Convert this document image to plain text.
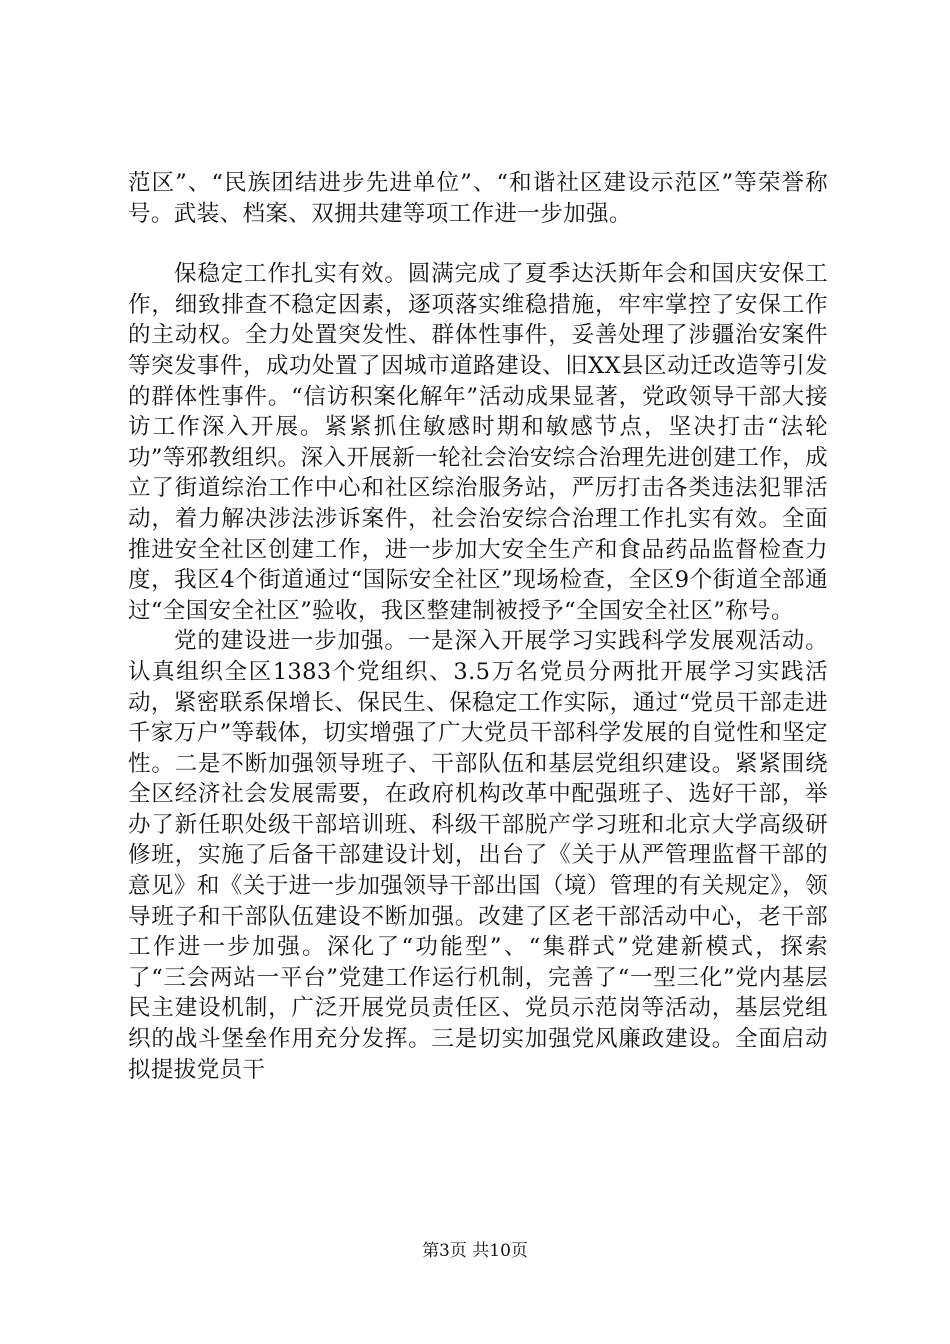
范区”、“民族团结进步先进单位”、“和谐社区建设示范区”等荣誉称号。武装、档案、双拥共建等项工作进一步加强。

保稳定工作扎实有效。圆满完成了夏季达沃斯年会和国庆安保工作，细致排查不稳定因素，逐项落实维稳措施，牢牢掌控了安保工作的主动权。全力处置突发性、群体性事件，妥善处理了涉疆治安案件等突发事件，成功处置了因城市道路建设、旧XX县区动迁改造等引发的群体性事件。“信访积案化解年”活动成果显著，党政领导干部大接访工作深入开展。紧紧抓住敏感时期和敏感节点，坚决打击“法轮功”等邪教组织。深入开展新一轮社会治安综合治理先进创建工作，成立了街道综治工作中心和社区综治服务站，严厉打击各类违法犯罪活动，着力解决涉法涉诉案件，社会治安综合治理工作扎实有效。全面推进安全社区创建工作，进一步加大安全生产和食品药品监督检查力度，我区4个街道通过“国际安全社区”现场检查，全区9个街道全部通过“全国安全社区”验收，我区整建制被授予“全国安全社区”称号。

党的建设进一步加强。一是深入开展学习实践科学发展观活动。认真组织全区1383个党组织、3.5万名党员分两批开展学习实践活动，紧密联系保增长、保民生、保稳定工作实际，通过“党员干部走进千家万户”等载体，切实增强了广大党员干部科学发展的自觉性和坚定性。二是不断加强领导班子、干部队伍和基层党组织建设。紧紧围绕全区经济社会发展需要，在政府机构改革中配强班子、选好干部，举办了新任职处级干部培训班、科级干部脱产学习班和北京大学高级研修班，实施了后备干部建设计划，出台了《关于从严管理监督干部的意见》和《关于进一步加强领导干部出国（境）管理的有关规定》，领导班子和干部队伍建设不断加强。改建了区老干部活动中心，老干部工作进一步加强。深化了“功能型”、“集群式”党建新模式，探索了“三会两站一平台”党建工作运行机制，完善了“一型三化”党内基层民主建设机制，广泛开展党员责任区、党员示范岗等活动，基层党组织的战斗堡垒作用充分发挥。三是切实加强党风廉政建设。全面启动拟提拔党员干

第3页 共10页
